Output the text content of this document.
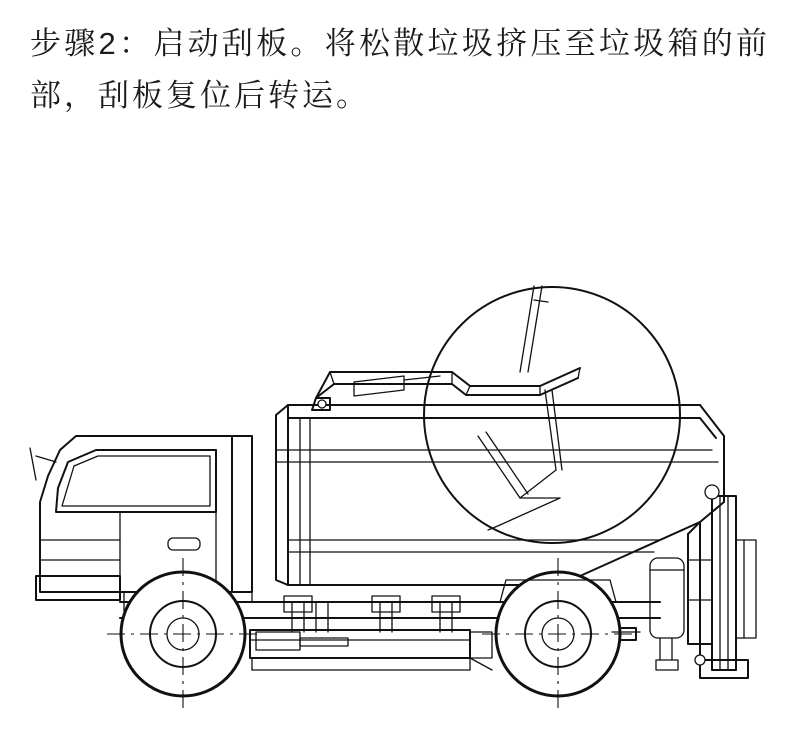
步骤2：启动刮板。将松散垃圾挤压至垃圾箱的前部，刮板复位后转运。
